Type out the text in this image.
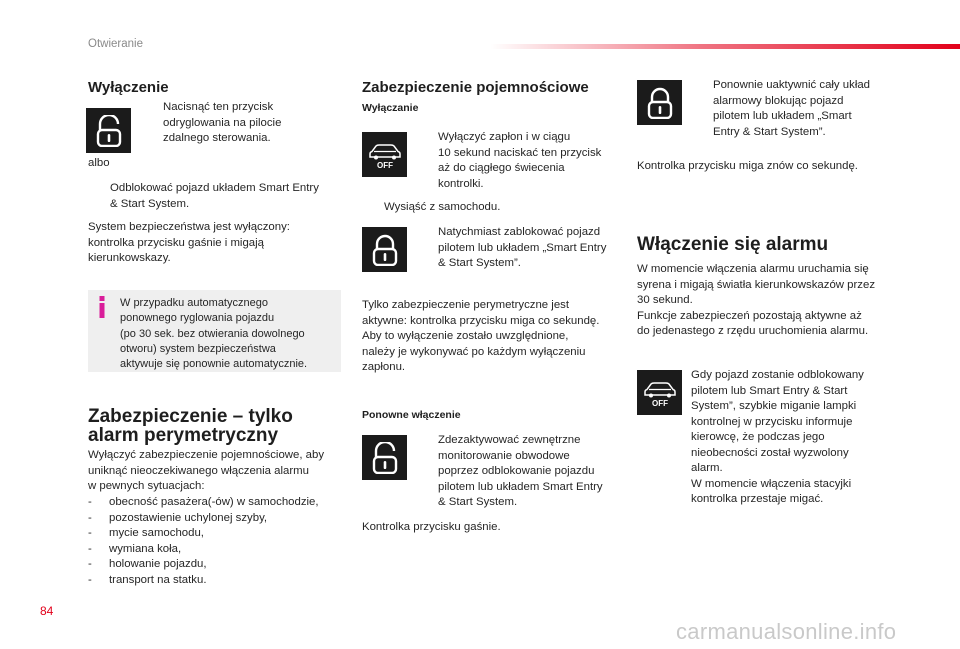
Otwieranie
Wyłączenie
Nacisnąć ten przycisk
odryglowania na pilocie
zdalnego sterowania.
albo
Odblokować pojazd układem Smart Entry
& Start System.
System bezpieczeństwa jest wyłączony:
kontrolka przycisku gaśnie i migają
kierunkowskazy.
W przypadku automatycznego
ponownego ryglowania pojazdu
(po 30 sek. bez otwierania dowolnego
otworu) system bezpieczeństwa
aktywuje się ponownie automatycznie.
Zabezpieczenie – tylko
alarm perymetryczny
Wyłączyć zabezpieczenie pojemnościowe, aby
uniknąć nieoczekiwanego włączenia alarmu
w pewnych sytuacjach:
- obecność pasażera(-ów) w samochodzie,
- pozostawienie uchylonej szyby,
- mycie samochodu,
- wymiana koła,
- holowanie pojazdu,
- transport na statku.
84
Zabezpieczenie pojemnościowe
Wyłączanie
OFF
Wyłączyć zapłon i w ciągu
10 sekund naciskać ten przycisk
aż do ciągłego świecenia
kontrolki.
Wysiąść z samochodu.
Natychmiast zablokować pojazd
pilotem lub układem „Smart Entry
& Start System”.
Tylko zabezpieczenie perymetryczne jest
aktywne: kontrolka przycisku miga co sekundę.
Aby to wyłączenie zostało uwzględnione,
należy je wykonywać po każdym wyłączeniu
zapłonu.
Ponowne włączenie
Zdezaktywować zewnętrzne
monitorowanie obwodowe
poprzez odblokowanie pojazdu
pilotem lub układem Smart Entry
& Start System.
Kontrolka przycisku gaśnie.
Ponownie uaktywnić cały układ
alarmowy blokując pojazd
pilotem lub układem „Smart
Entry & Start System”.
Kontrolka przycisku miga znów co sekundę.
Włączenie się alarmu
W momencie włączenia alarmu uruchamia się
syrena i migają światła kierunkowskazów przez
30 sekund.
Funkcje zabezpieczeń pozostają aktywne aż
do jedenastego z rzędu uruchomienia alarmu.
OFF
Gdy pojazd zostanie odblokowany
pilotem lub Smart Entry & Start
System”, szybkie miganie lampki
kontrolnej w przycisku informuje
kierowcę, że podczas jego
nieobecności został wyzwolony
alarm.
W momencie włączenia stacyjki
kontrolka przestaje migać.
carmanualsonline.info
